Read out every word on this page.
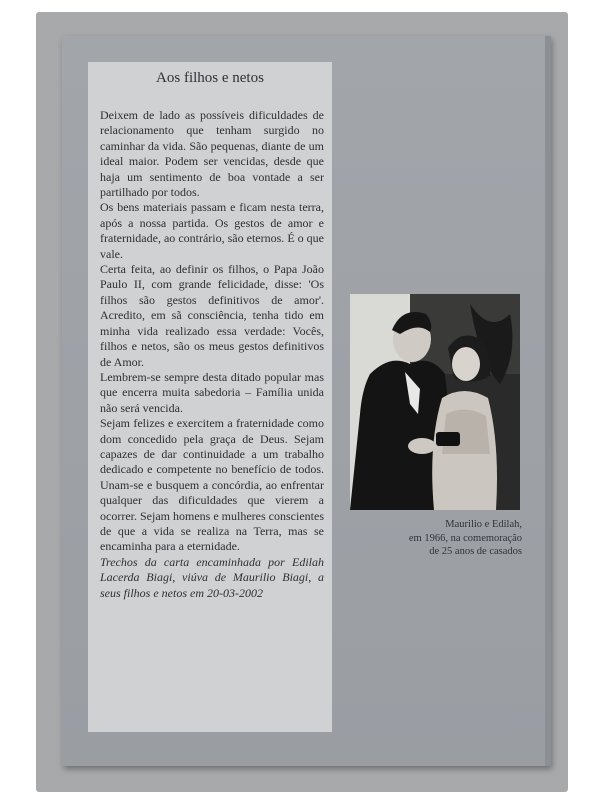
Aos filhos e netos

Deixem de lado as possíveis dificuldades de relacionamento que tenham surgido no caminhar da vida. São pequenas, diante de um ideal maior. Podem ser vencidas, desde que haja um sentimento de boa vontade a ser partilhado por todos.

Os bens materiais passam e ficam nesta terra, após a nossa partida. Os gestos de amor e fraternidade, ao contrário, são eternos. É o que vale.

Certa feita, ao definir os filhos, o Papa João Paulo II, com grande felicidade, disse: 'Os filhos são gestos definitivos de amor'. Acredito, em sã consciência, tenha tido em minha vida realizado essa verdade: Vocês, filhos e netos, são os meus gestos definitivos de Amor.

Lembrem-se sempre desta ditado popular mas que encerra muita sabedoria – Família unida não será vencida.

Sejam felizes e exercitem a fraternidade como dom concedido pela graça de Deus. Sejam capazes de dar continuidade a um trabalho dedicado e competente no benefício de todos. Unam-se e busquem a concórdia, ao enfrentar qualquer das dificuldades que vierem a ocorrer. Sejam homens e mulheres conscientes de que a vida se realiza na Terra, mas se encaminha para a eternidade.

Trechos da carta encaminhada por Edilah Lacerda Biagi, viúva de Maurilio Biagi, a seus filhos e netos em 20-03-2002

Maurilio e Edilah,
em 1966, na comemoração
de 25 anos de casados
